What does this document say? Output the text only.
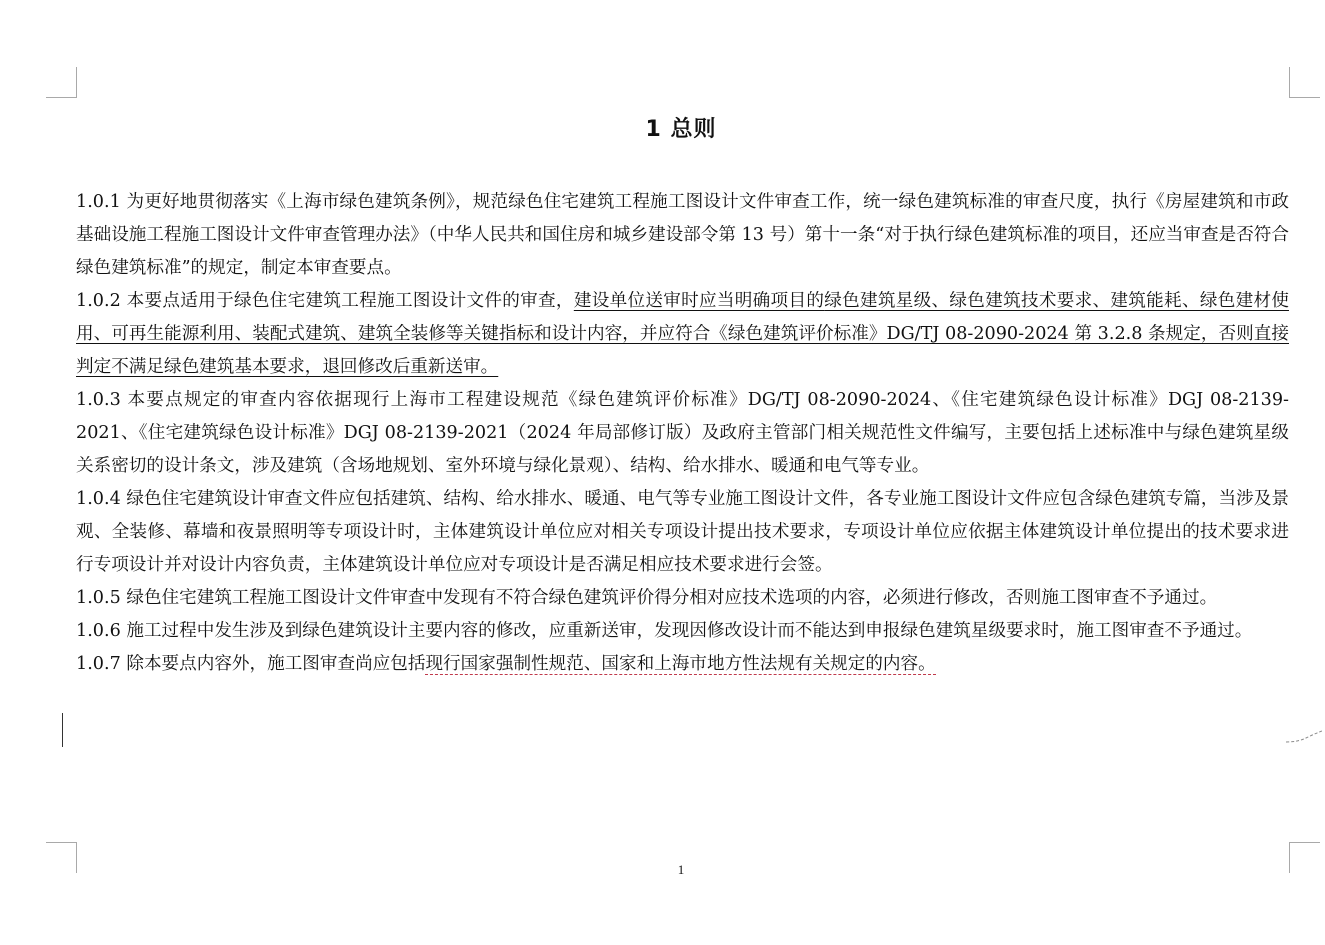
1 总则

1.0.1 为更好地贯彻落实《上海市绿色建筑条例》，规范绿色住宅建筑工程施工图设计文件审查工作，统一绿色建筑标准的审查尺度，执行《房屋建筑和市政基础设施工程施工图设计文件审查管理办法》（中华人民共和国住房和城乡建设部令第 13 号）第十一条“对于执行绿色建筑标准的项目，还应当审查是否符合绿色建筑标准”的规定，制定本审查要点。

1.0.2 本要点适用于绿色住宅建筑工程施工图设计文件的审查，建设单位送审时应当明确项目的绿色建筑星级、绿色建筑技术要求、建筑能耗、绿色建材使用、可再生能源利用、装配式建筑、建筑全装修等关键指标和设计内容，并应符合《绿色建筑评价标准》DG/TJ 08-2090-2024 第 3.2.8 条规定，否则直接判定不满足绿色建筑基本要求，退回修改后重新送审。

1.0.3 本要点规定的审查内容依据现行上海市工程建设规范《绿色建筑评价标准》DG/TJ 08-2090-2024、《住宅建筑绿色设计标准》DGJ 08-2139-2021、《住宅建筑绿色设计标准》DGJ 08-2139-2021（2024 年局部修订版）及政府主管部门相关规范性文件编写，主要包括上述标准中与绿色建筑星级关系密切的设计条文，涉及建筑（含场地规划、室外环境与绿化景观）、结构、给水排水、暖通和电气等专业。

1.0.4 绿色住宅建筑设计审查文件应包括建筑、结构、给水排水、暖通、电气等专业施工图设计文件，各专业施工图设计文件应包含绿色建筑专篇，当涉及景观、全装修、幕墙和夜景照明等专项设计时，主体建筑设计单位应对相关专项设计提出技术要求，专项设计单位应依据主体建筑设计单位提出的技术要求进行专项设计并对设计内容负责，主体建筑设计单位应对专项设计是否满足相应技术要求进行会签。

1.0.5 绿色住宅建筑工程施工图设计文件审查中发现有不符合绿色建筑评价得分相对应技术选项的内容，必须进行修改，否则施工图审查不予通过。

1.0.6 施工过程中发生涉及到绿色建筑设计主要内容的修改，应重新送审，发现因修改设计而不能达到申报绿色建筑星级要求时，施工图审查不予通过。

1.0.7 除本要点内容外，施工图审查尚应包括现行国家强制性规范、国家和上海市地方性法规有关规定的内容。

1
